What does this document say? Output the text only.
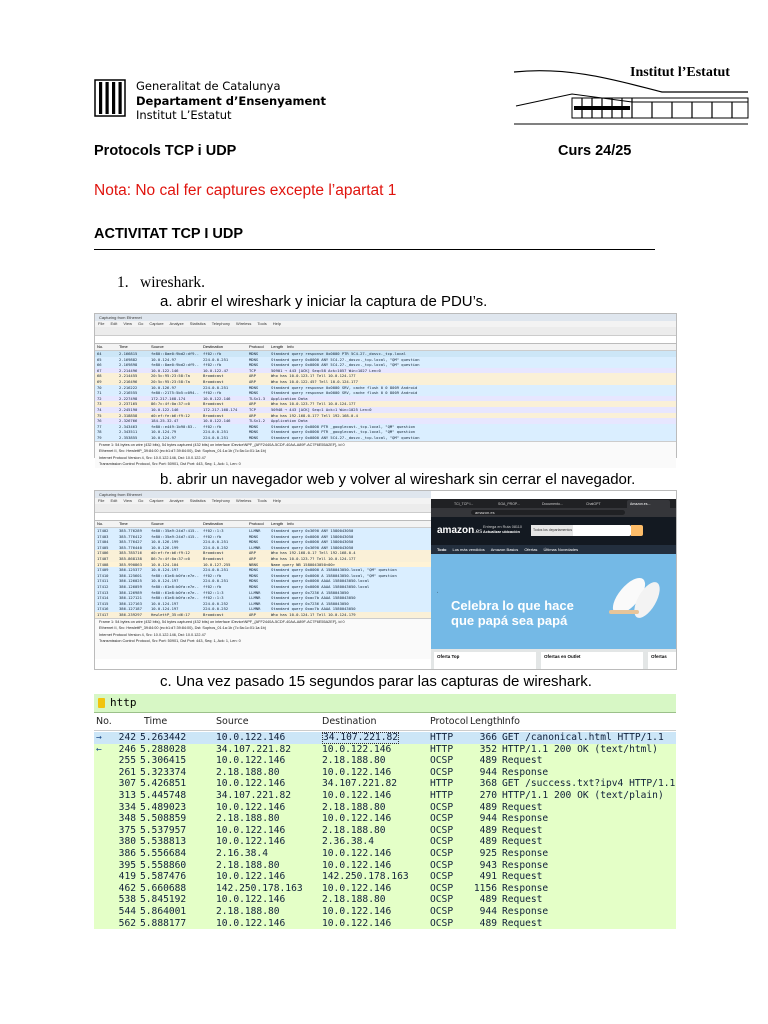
Generalitat de Catalunya
Departament d’Ensenyament
Institut L’Estatut
Institut l’Estatut
Protocols TCP i UDP	Curs 24/25
Nota: No cal fer captures excepte l’apartat 1
ACTIVITAT TCP I UDP
1. wireshark.
a. abrir el wireshark y iniciar la captura de PDU’s.
Capturing from Ethernet
File Edit View Go Capture Analyze Statistics Telephony Wireless Tools Help
No.	Time	Source	Destination	Protocol Length Info
64	2.166815	fe80::8ae0:9bd2:df9.. ff02::fb	MDNS	Standard query response 0x0000 PTR 5C4-27._dosvc._tcp.local
65	2.169882	10.0.124.97	224.0.0.251	MDNS	Standard query 0x0000 ANY 5C4-27._dosvc._tcp.local, "QM" question
66	2.169898	fe80::8ae0:9bd2:df9.. ff02::fb	MDNS	Standard query 0x0000 ANY 5C4-27._dosvc._tcp.local, "QM" question
67	2.214496	10.0.122.146	10.0.122.47	TCP	50901 → 443 [ACK] Seq=58 Ack=1057 Win=1027 Len=0
68	2.214455	20:5c:95:23:58:7a	Broadcast	ARP	Who has 10.0.123.1? Tell 10.0.124.177
69	2.216496	20:5c:95:23:58:7a	Broadcast	ARP	Who has 10.0.122.45? Tell 10.0.124.177
70	2.216222	10.0.126.97	224.0.0.251	MDNS	Standard query response 0x0000 SRV, cache flush 0 0 8009 Android
71	2.216555	fe80::2175:5b5:c094.. ff02::fb	MDNS	Standard query response 0x0000 SRV, cache flush 0 0 8009 Android
72	2.227498	172.217.168.174	10.0.122.146	TLSv1.3 Application Data
73	2.237165	86:7c:4f:0a:37:c0	Broadcast	ARP	Who has 10.0.123.7? Tell 10.0.124.177
74	2.245190	10.0.122.146	172.217.168.174	TCP	50948 → 443 [ACK] Seq=1 Ack=1 Win=1025 Len=0
75	2.318858	d0:ef:fe:b6:f9:12	Broadcast	ARP	Who has 192.168.0.17? Tell 192.168.0.4
76	2.326766	184.25.32.47	10.0.122.146	TLSv1.2 Application Data
77	2.343463	fe80::e449:1b90:83.. ff02::fb	MDNS	Standard query 0x0000 PTR _googlecast._tcp.local, "QM" question
78	2.343511	10.0.124.79	224.0.0.251	MDNS	Standard query 0x0000 PTR _googlecast._tcp.local, "QM" question
79	2.353855	10.0.124.97	224.0.0.251	MDNS	Standard query 0x0000 ANY 5C4-27._dosvc._tcp.local, "QM" question
Frame 1: 54 bytes on wire (432 bits), 54 bytes captured (432 bits) on interface \Device\NPF_{AFF2440A-5CDF-40AA-A89F-AC7F6E55A2EF}, id 0
Ethernet II, Src: HewlettP_39:84:00 (ec:b1:d7:39:84:00), Dst: Sophos_01:1a:1b (7c:5a:1c:01:1a:1b)
Internet Protocol Version 4, Src: 10.0.122.146, Dst: 10.0.122.47
Transmission Control Protocol, Src Port: 50901, Dst Port: 443, Seq: 1, Ack: 1, Len: 0
b. abrir un navegador web y volver al wireshark sin cerrar el navegador.
Capturing from Ethernet
File Edit View Go Capture Analyze Statistics Telephony Wireless Tools Help
No.	Time	Source	Destination	Protocol Length Info
17402	385.776289 fe80::35a9:24d7:415.. ff02::1:3	LLMNR	Standard query 0x3690 ANY 1580043050
17403	385.776412 fe80::35a9:24d7:415.. ff02::fb	MDNS	Standard query 0x0000 ANY 1580043050
17404	385.776427 10.0.126.199	224.0.0.251	MDNS	Standard query 0x0000 ANY 1580043050
17405	385.776440 10.0.126.199	224.0.0.252	LLMNR	Standard query 0x3690 ANY 1580043050
17406	385.785716 d0:ef:fe:b6:f9:12	Broadcast	ARP	Who has 192.168.0.1? Tell 192.168.0.4
17407	385.868138 86:7c:4f:0a:37:c0	Broadcast	ARP	Who has 10.0.123.7? Tell 10.0.124.177
17408	385.990863 10.0.124.104	10.0.127.255	NBNS	Name query NB 1580043050<00>
17409	386.125377 10.0.124.197	224.0.0.251	MDNS	Standard query 0x0000 A 1580043050.local, "QM" question
17410	386.125601 fe80::61e8:b0fa:e7e.. ff02::fb	MDNS	Standard query 0x0000 A 1580043050.local, "QM" question
17411	386.126025 10.0.124.197	224.0.0.251	MDNS	Standard query 0x0000 AAAA 1580043050.local
17412	386.126059 fe80::61e8:b0fa:e7e.. ff02::fb	MDNS	Standard query 0x0000 AAAA 1580043050.local
17413	386.126989 fe80::61e8:b0fa:e7e.. ff02::1:3	LLMNR	Standard query 0x7236 A 1580043050
17414	386.127121 fe80::61e8:b0fa:e7e.. ff02::1:3	LLMNR	Standard query 0xac7b AAAA 1580043050
17415	386.127163 10.0.124.197	224.0.0.252	LLMNR	Standard query 0x7236 A 1580043050
17416	386.127187 10.0.124.197	224.0.0.252	LLMNR	Standard query 0xac7b AAAA 1580043050
17417	386.239297 HewlettP_35:d6:17	Broadcast	ARP	Who has 10.0.124.1? Tell 10.0.124.179
Frame 1: 54 bytes on wire (432 bits), 54 bytes captured (432 bits) on interface \Device\NPF_{AFF2440A-5CDF-40AA-A89F-AC7F6E55A2EF}, id 0
Ethernet II, Src: HewlettP_39:84:00 (ec:b1:d7:39:84:00), Dst: Sophos_01:1a:1b (7c:5a:1c:01:1a:1b)
Internet Protocol Version 4, Src: 10.0.122.146, Dst: 10.0.122.47
Transmission Control Protocol, Src Port: 50901, Dst Port: 443, Seq: 1, Ack: 1, Len: 0
TCI_TCP I...	SGA_PROP...	Documento...	ChatGPT	Amazon.es...
amazon.es
amazon.es
Entrega en Ruta 08110
Actualizar ubicación	Todos los departamentos
Todo Los más vendidos Amazon Basics Ofertas Últimas Novedades
‹
Celebra lo que hace
que papá sea papá
Oferta Top	Ofertas en Outlet	Ofertas
c. Una vez pasado 15 segundos parar las capturas de wireshark.
http
No.	Time	Source	Destination	Protocol Length Info
242 5.263442	10.0.122.146	34.107.221.82	HTTP	366 GET /canonical.html HTTP/1.1
→
246 5.288028	34.107.221.82	10.0.122.146	HTTP	352 HTTP/1.1 200 OK (text/html)
←
255 5.306415	10.0.122.146	2.18.188.80	OCSP	489 Request
261 5.323374	2.18.188.80	10.0.122.146	OCSP	944 Response
307 5.426851	10.0.122.146	34.107.221.82	HTTP	368 GET /success.txt?ipv4 HTTP/1.1
313 5.445748	34.107.221.82	10.0.122.146	HTTP	270 HTTP/1.1 200 OK (text/plain)
334 5.489023	10.0.122.146	2.18.188.80	OCSP	489 Request
348 5.508859	2.18.188.80	10.0.122.146	OCSP	944 Response
375 5.537957	10.0.122.146	2.18.188.80	OCSP	489 Request
380 5.538813	10.0.122.146	2.36.38.4	OCSP	489 Request
386 5.556684	2.16.38.4	10.0.122.146	OCSP	925 Response
395 5.558860	2.18.188.80	10.0.122.146	OCSP	943 Response
419 5.587476	10.0.122.146	142.250.178.163 OCSP	491 Request
462 5.660688	142.250.178.163 10.0.122.146	OCSP	1156 Response
538 5.845192	10.0.122.146	2.18.188.80	OCSP	489 Request
544 5.864001	2.18.188.80	10.0.122.146	OCSP	944 Response
562 5.888177	10.0.122.146	10.0.122.146	OCSP	489 Request
